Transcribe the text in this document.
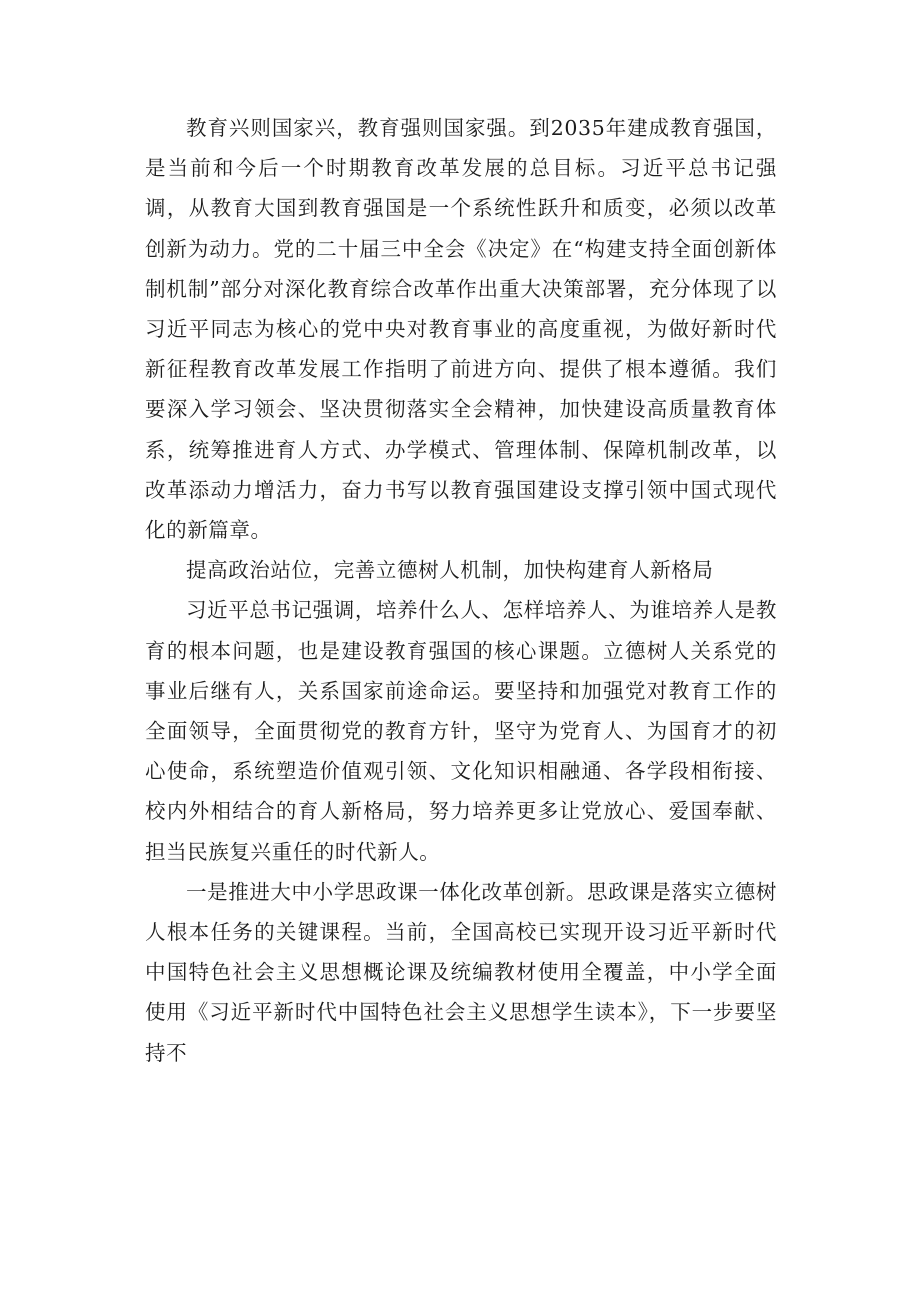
教育兴则国家兴，教育强则国家强。到2035年建成教育强国，是当前和今后一个时期教育改革发展的总目标。习近平总书记强调，从教育大国到教育强国是一个系统性跃升和质变，必须以改革创新为动力。党的二十届三中全会《决定》在“构建支持全面创新体制机制”部分对深化教育综合改革作出重大决策部署，充分体现了以习近平同志为核心的党中央对教育事业的高度重视，为做好新时代新征程教育改革发展工作指明了前进方向、提供了根本遵循。我们要深入学习领会、坚决贯彻落实全会精神，加快建设高质量教育体系，统筹推进育人方式、办学模式、管理体制、保障机制改革，以改革添动力增活力，奋力书写以教育强国建设支撑引领中国式现代化的新篇章。

提高政治站位，完善立德树人机制，加快构建育人新格局

习近平总书记强调，培养什么人、怎样培养人、为谁培养人是教育的根本问题，也是建设教育强国的核心课题。立德树人关系党的事业后继有人，关系国家前途命运。要坚持和加强党对教育工作的全面领导，全面贯彻党的教育方针，坚守为党育人、为国育才的初心使命，系统塑造价值观引领、文化知识相融通、各学段相衔接、校内外相结合的育人新格局，努力培养更多让党放心、爱国奉献、担当民族复兴重任的时代新人。

一是推进大中小学思政课一体化改革创新。思政课是落实立德树人根本任务的关键课程。当前，全国高校已实现开设习近平新时代中国特色社会主义思想概论课及统编教材使用全覆盖，中小学全面使用《习近平新时代中国特色社会主义思想学生读本》，下一步要坚持不
